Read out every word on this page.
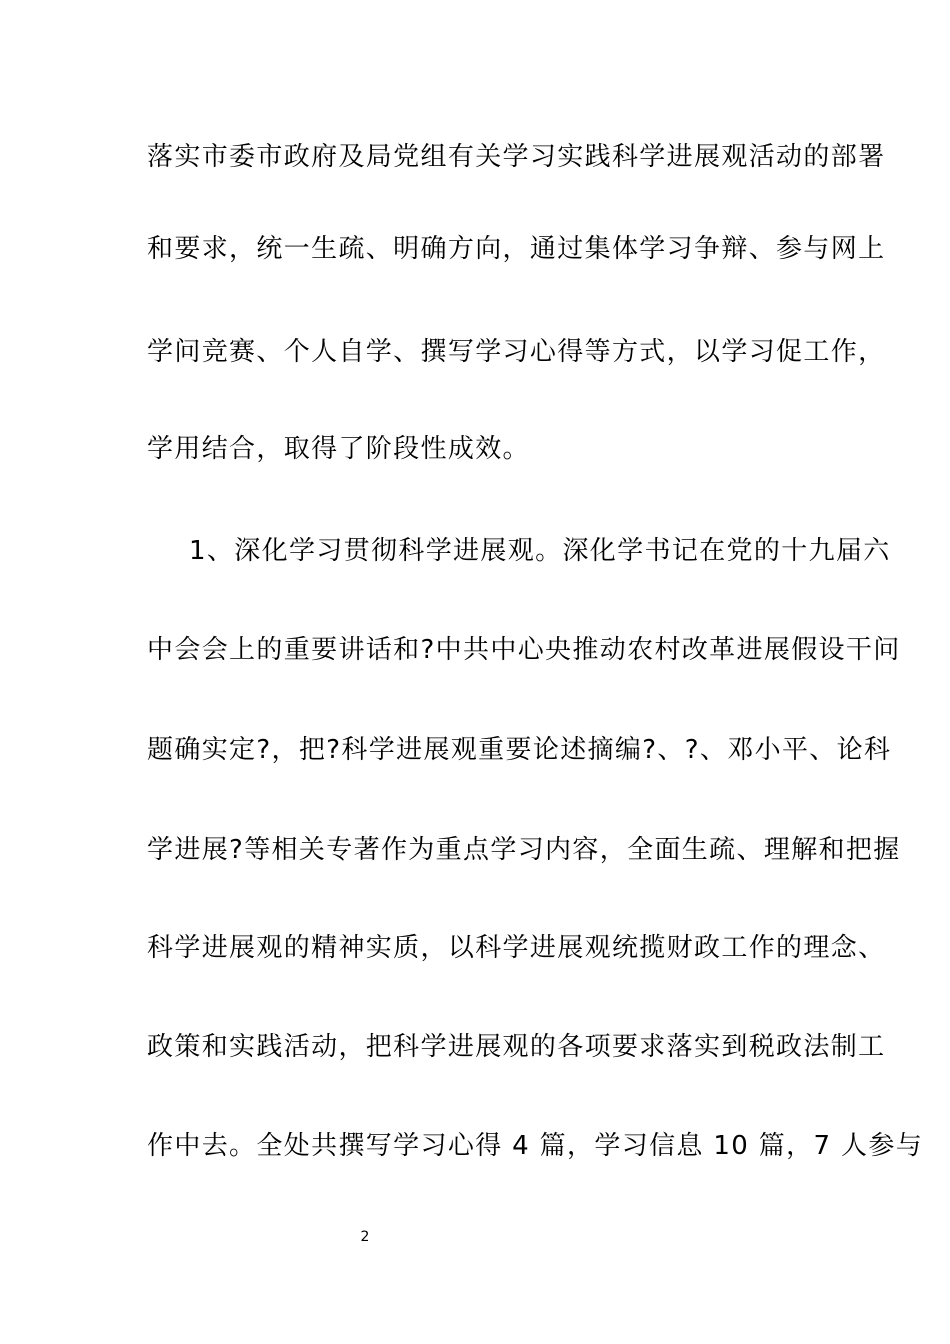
落实市委市政府及局党组有关学习实践科学进展观活动的部署
和要求，统一生疏、明确方向，通过集体学习争辩、参与网上
学问竞赛、个人自学、撰写学习心得等方式，以学习促工作，
学用结合，取得了阶段性成效。
1、深化学习贯彻科学进展观。深化学书记在党的十九届六
中会会上的重要讲话和?中共中心央推动农村改革进展假设干问
题确实定?，把?科学进展观重要论述摘编?、?、邓小平、论科
学进展?等相关专著作为重点学习内容，全面生疏、理解和把握
科学进展观的精神实质，以科学进展观统揽财政工作的理念、
政策和实践活动，把科学进展观的各项要求落实到税政法制工
作中去。全处共撰写学习心得 4 篇，学习信息 10 篇，7 人参与
2
